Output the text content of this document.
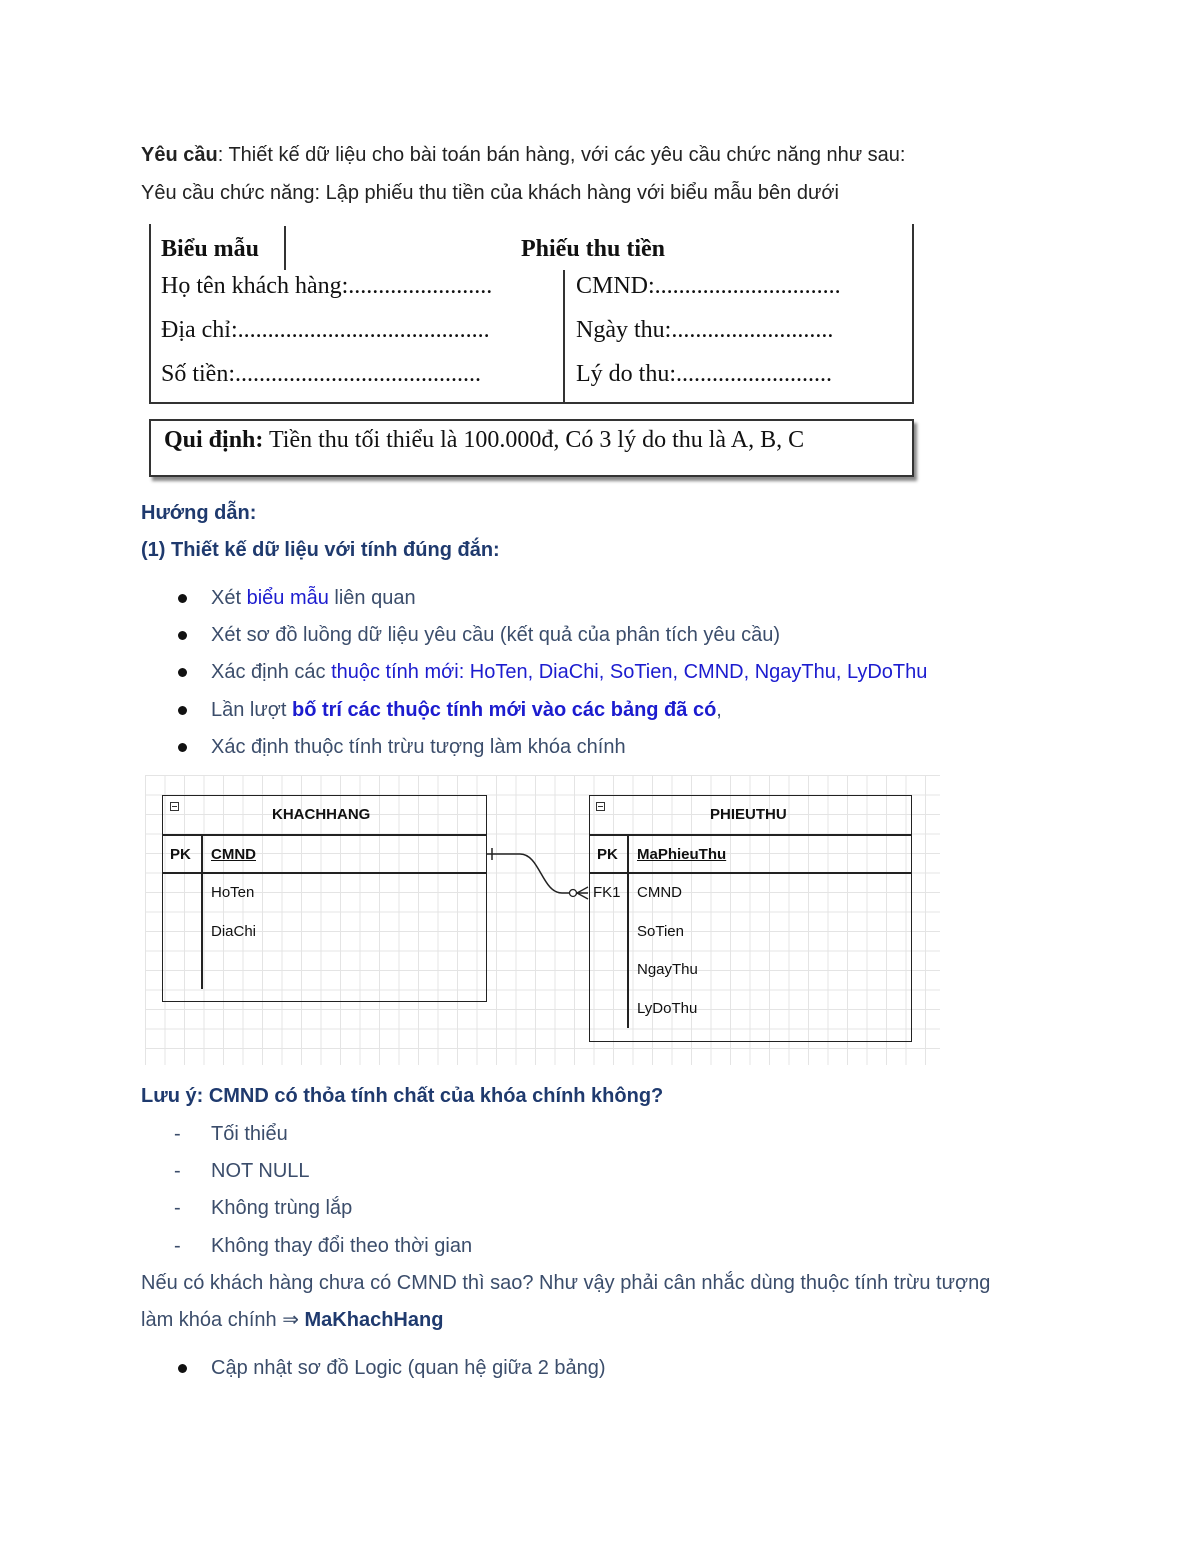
Yêu cầu: Thiết kế dữ liệu cho bài toán bán hàng, với các yêu cầu chức năng như sau:
Yêu cầu chức năng: Lập phiếu thu tiền của khách hàng với biểu mẫu bên dưới
Biểu mẫu	Phiếu thu tiền
Họ tên khách hàng:........................
Địa chỉ:..........................................
Số tiền:.........................................
CMND:...............................
Ngày thu:...........................
Lý do thu:..........................
Qui định: Tiền thu tối thiểu là 100.000đ, Có 3 lý do thu là A, B, C
Hướng dẫn:
(1) Thiết kế dữ liệu với tính đúng đắn:
Xét biểu mẫu liên quan
Xét sơ đồ luồng dữ liệu yêu cầu (kết quả của phân tích yêu cầu)
Xác định các thuộc tính mới: HoTen, DiaChi, SoTien, CMND, NgayThu, LyDoThu
Lần lượt bố trí các thuộc tính mới vào các bảng đã có,
Xác định thuộc tính trừu tượng làm khóa chính
KHACHHANG
PK CMND
HoTen
DiaChi
PHIEUTHU
PK MaPhieuThu
FK1 CMND
SoTien
NgayThu
LyDoThu
Lưu ý: CMND có thỏa tính chất của khóa chính không?
- Tối thiểu
- NOT NULL
- Không trùng lắp
- Không thay đổi theo thời gian
Nếu có khách hàng chưa có CMND thì sao? Như vậy phải cân nhắc dùng thuộc tính trừu tượng
làm khóa chính ⇒ MaKhachHang
Cập nhật sơ đồ Logic (quan hệ giữa 2 bảng)
